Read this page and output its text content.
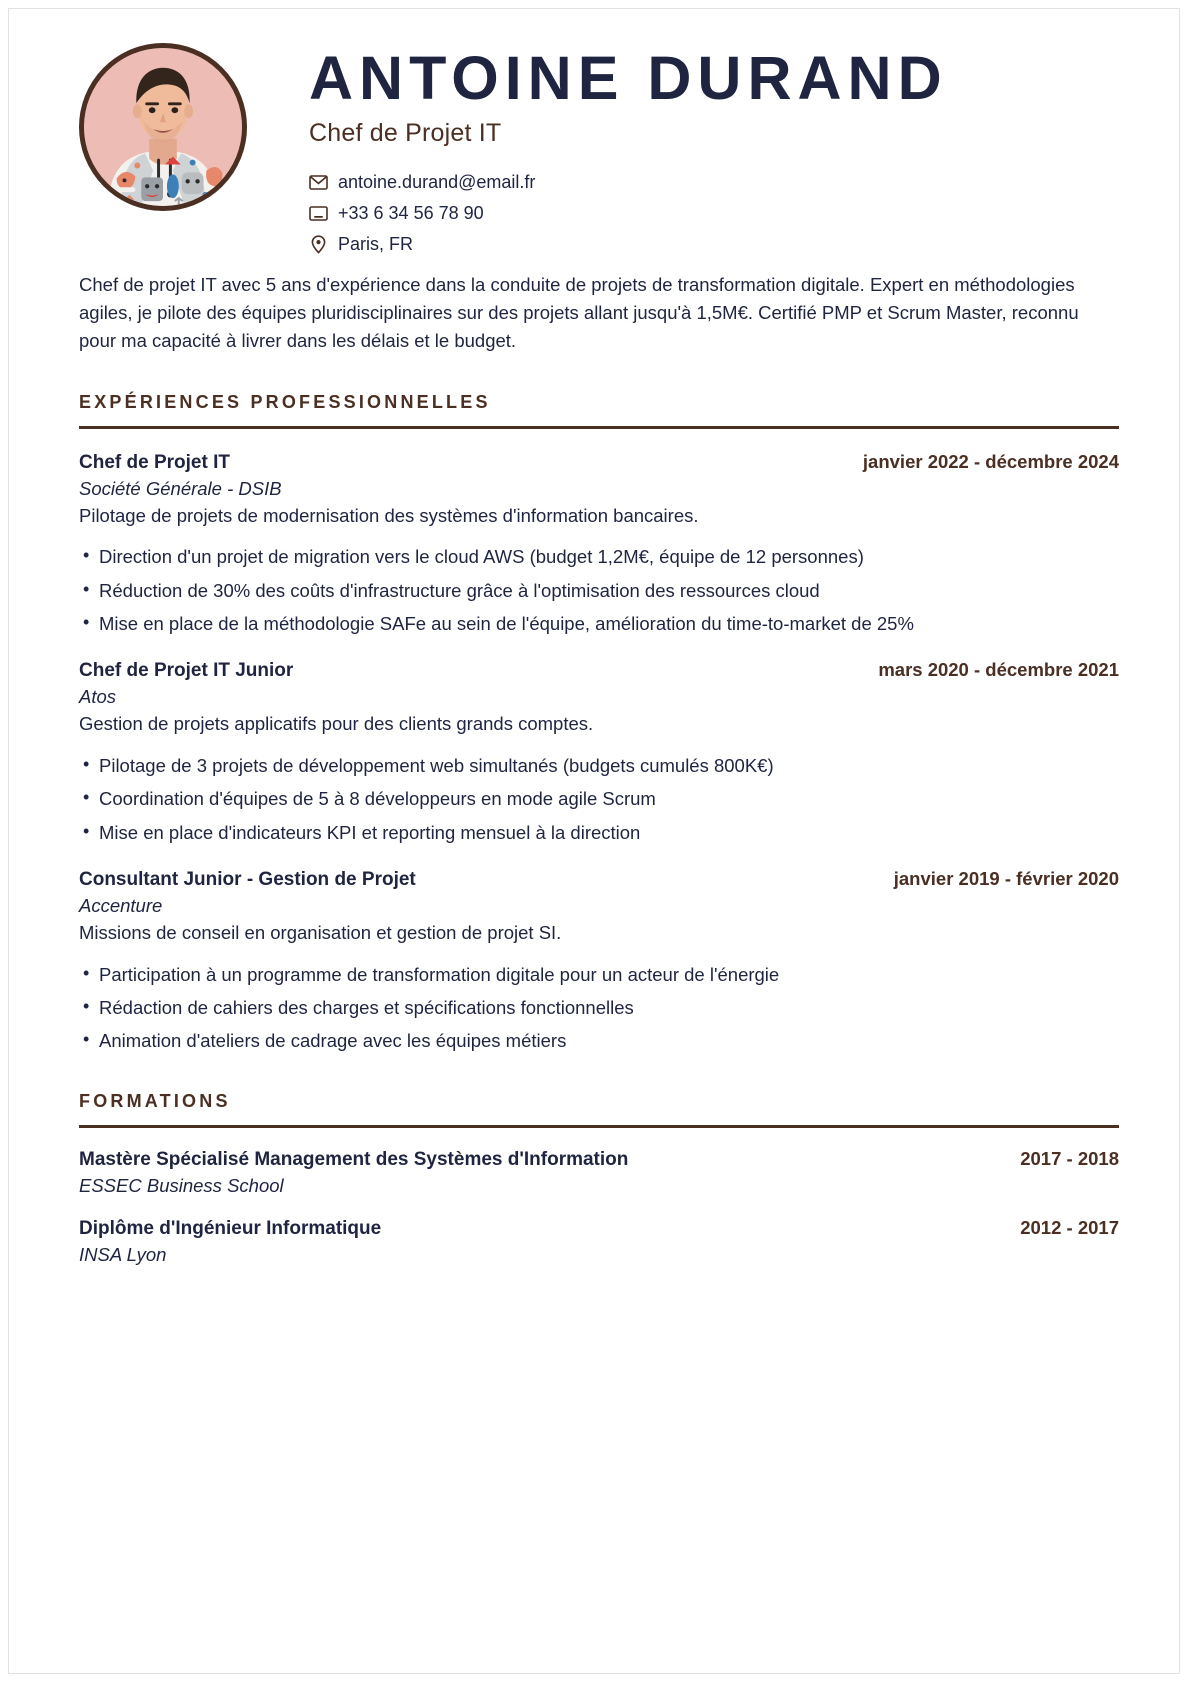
ANTOINE DURAND
Chef de Projet IT
antoine.durand@email.fr
+33 6 34 56 78 90
Paris, FR
Chef de projet IT avec 5 ans d'expérience dans la conduite de projets de transformation digitale. Expert en méthodologies agiles, je pilote des équipes pluridisciplinaires sur des projets allant jusqu'à 1,5M€. Certifié PMP et Scrum Master, reconnu pour ma capacité à livrer dans les délais et le budget.
EXPÉRIENCES PROFESSIONNELLES
Chef de Projet IT	janvier 2022 - décembre 2024
Société Générale - DSIB
Pilotage de projets de modernisation des systèmes d'information bancaires.
• Direction d'un projet de migration vers le cloud AWS (budget 1,2M€, équipe de 12 personnes)
• Réduction de 30% des coûts d'infrastructure grâce à l'optimisation des ressources cloud
• Mise en place de la méthodologie SAFe au sein de l'équipe, amélioration du time-to-market de 25%
Chef de Projet IT Junior	mars 2020 - décembre 2021
Atos
Gestion de projets applicatifs pour des clients grands comptes.
• Pilotage de 3 projets de développement web simultanés (budgets cumulés 800K€)
• Coordination d'équipes de 5 à 8 développeurs en mode agile Scrum
• Mise en place d'indicateurs KPI et reporting mensuel à la direction
Consultant Junior - Gestion de Projet	janvier 2019 - février 2020
Accenture
Missions de conseil en organisation et gestion de projet SI.
• Participation à un programme de transformation digitale pour un acteur de l'énergie
• Rédaction de cahiers des charges et spécifications fonctionnelles
• Animation d'ateliers de cadrage avec les équipes métiers
FORMATIONS
Mastère Spécialisé Management des Systèmes d'Information	2017 - 2018
ESSEC Business School
Diplôme d'Ingénieur Informatique	2012 - 2017
INSA Lyon
